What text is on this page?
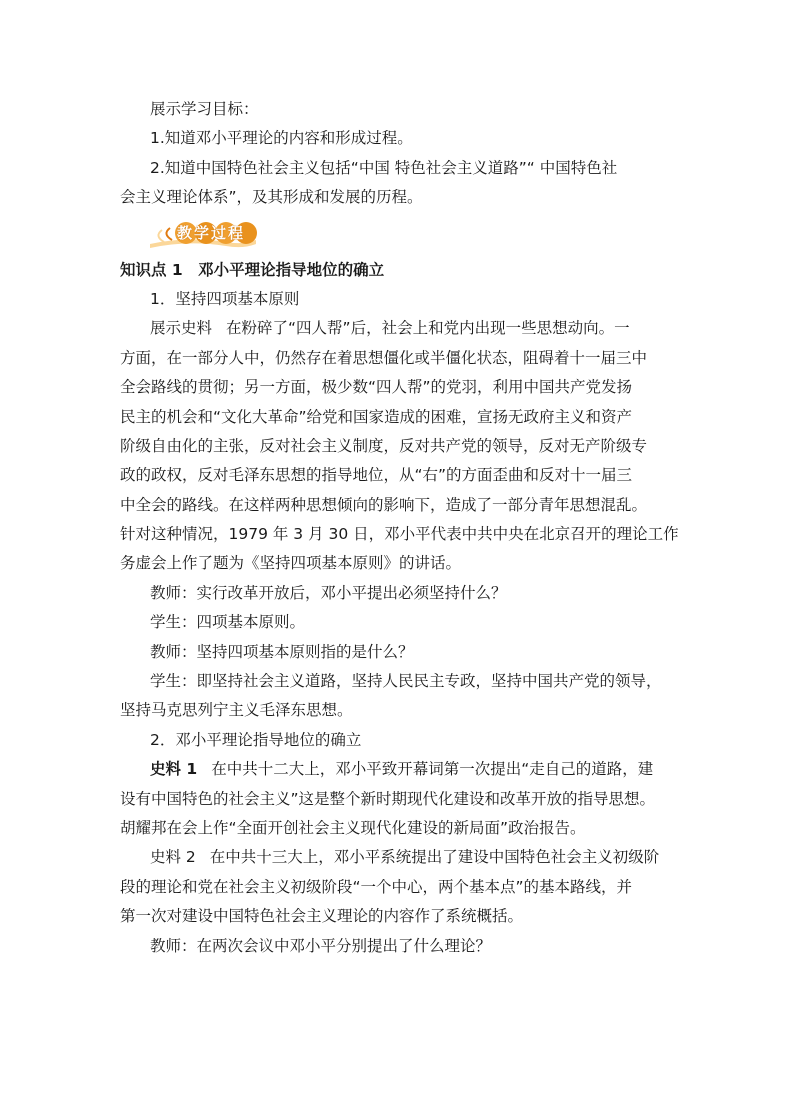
展示学习目标：
1.知道邓小平理论的内容和形成过程。
2.知道中国特色社会主义包括“中国 特色社会主义道路”“ 中国特色社
会主义理论体系”，及其形成和发展的历程。
教学过程
知识点 1　邓小平理论指导地位的确立
1．坚持四项基本原则
展示史料 在粉碎了“四人帮”后，社会上和党内出现一些思想动向。一
方面，在一部分人中，仍然存在着思想僵化或半僵化状态，阻碍着十一届三中
全会路线的贯彻；另一方面，极少数“四人帮”的党羽，利用中国共产党发扬
民主的机会和“文化大革命”给党和国家造成的困难，宣扬无政府主义和资产
阶级自由化的主张，反对社会主义制度，反对共产党的领导，反对无产阶级专
政的政权，反对毛泽东思想的指导地位，从“右”的方面歪曲和反对十一届三
中全会的路线。在这样两种思想倾向的影响下，造成了一部分青年思想混乱。
针对这种情况，1979 年 3 月 30 日，邓小平代表中共中央在北京召开的理论工作
务虚会上作了题为《坚持四项基本原则》的讲话。
教师：实行改革开放后，邓小平提出必须坚持什么？
学生：四项基本原则。
教师：坚持四项基本原则指的是什么？
学生：即坚持社会主义道路，坚持人民民主专政，坚持中国共产党的领导，
坚持马克思列宁主义毛泽东思想。
2．邓小平理论指导地位的确立
史料 1 在中共十二大上，邓小平致开幕词第一次提出“走自己的道路，建
设有中国特色的社会主义”这是整个新时期现代化建设和改革开放的指导思想。
胡耀邦在会上作“全面开创社会主义现代化建设的新局面”政治报告。
史料 2 在中共十三大上，邓小平系统提出了建设中国特色社会主义初级阶
段的理论和党在社会主义初级阶段“一个中心，两个基本点”的基本路线，并
第一次对建设中国特色社会主义理论的内容作了系统概括。
教师：在两次会议中邓小平分别提出了什么理论？
